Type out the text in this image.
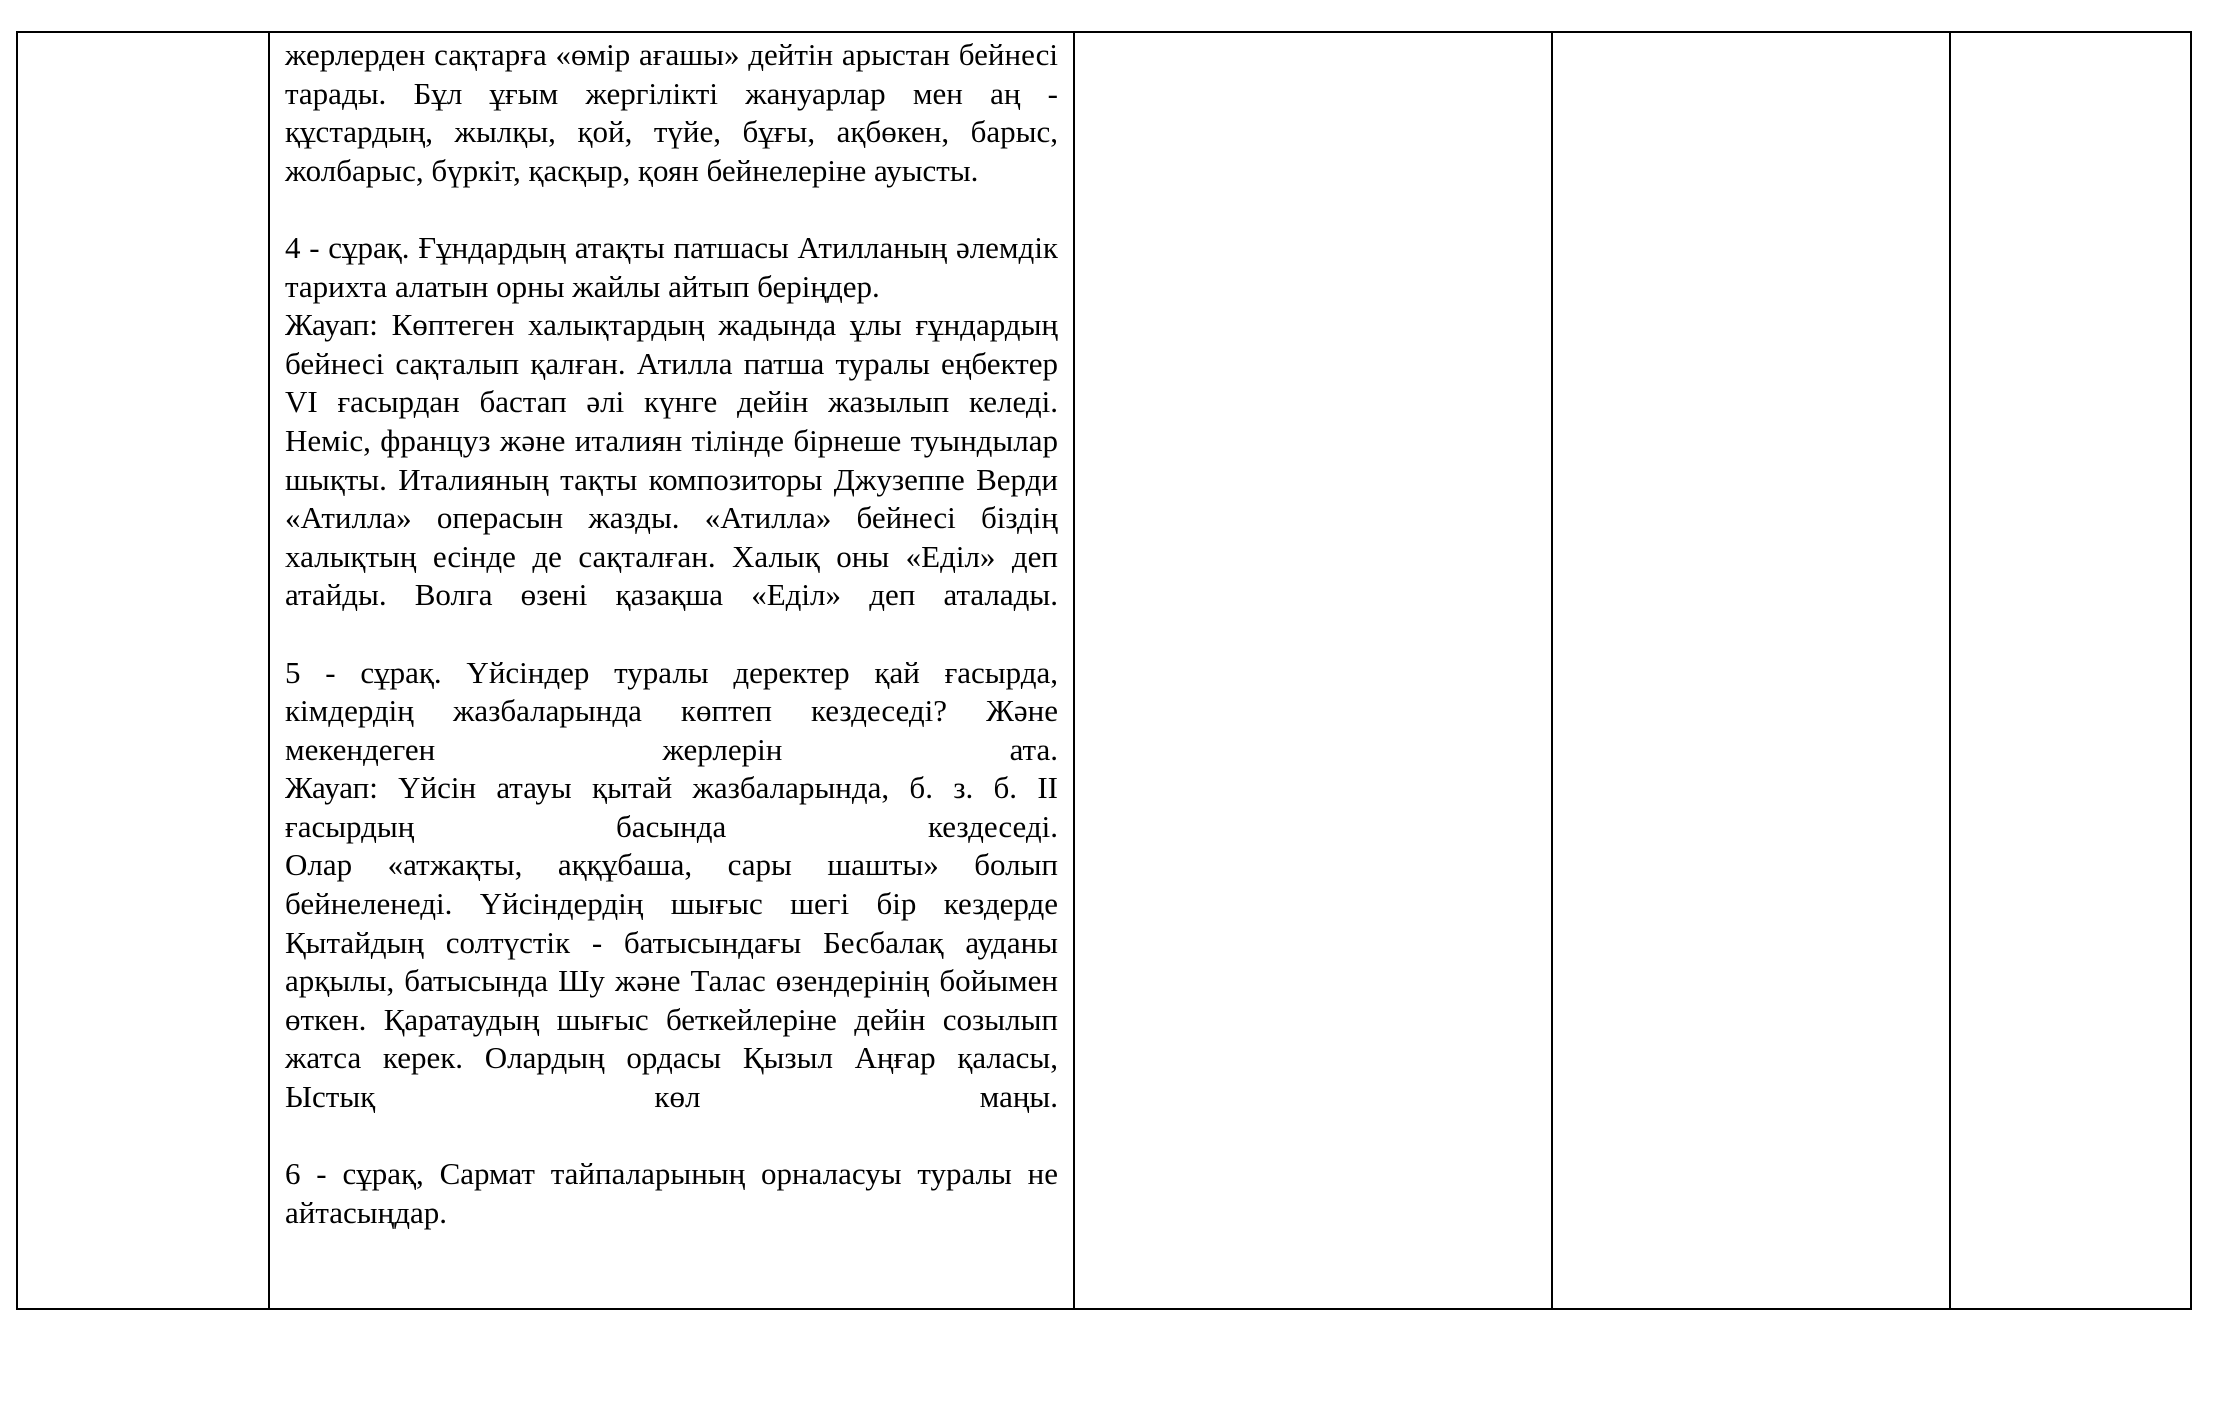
жерлерден сақтарға «өмір ағашы» дейтін арыстан бейнесі тарады. Бұл ұғым жергілікті жануарлар мен аң - құстардың, жылқы, қой, түйе, бұғы, ақбөкен, барыс, жолбарыс, бүркіт, қасқыр, қоян бейнелеріне ауысты.

4 - сұрақ. Ғұндардың атақты патшасы Атилланың әлемдік тарихта алатын орны жайлы айтып беріңдер.

Жауап: Көптеген халықтардың жадында ұлы ғұндардың бейнесі сақталып қалған. Атилла патша туралы еңбектер VI ғасырдан бастап әлі күнге дейін жазылып келеді. Неміс, француз және италиян тілінде бірнеше туындылар шықты. Италияның тақты композиторы Джузеппе Верди «Атилла» операсын жазды. «Атилла» бейнесі біздің халықтың есінде де сақталған. Халық оны «Еділ» деп атайды. Волга өзені қазақша «Еділ» деп аталады.

5 - сұрақ. Үйсіндер туралы деректер қай ғасырда, кімдердің жазбаларында көптеп кездеседі? Және мекендеген жерлерін ата.

Жауап: Үйсін атауы қытай жазбаларында, б. з. б. ІІ ғасырдың басында кездеседі.

Олар «атжақты, аққұбаша, сары шашты» болып бейнеленеді. Үйсіндердің шығыс шегі бір кездерде Қытайдың солтүстік - батысындағы Бесбалақ ауданы арқылы, батысында Шу және Талас өзендерінің бойымен өткен. Қаратаудың шығыс беткейлеріне дейін созылып жатса керек. Олардың ордасы Қызыл Аңғар қаласы, Ыстық көл маңы.

6 - сұрақ, Сармат тайпаларының орналасуы туралы не айтасыңдар.
